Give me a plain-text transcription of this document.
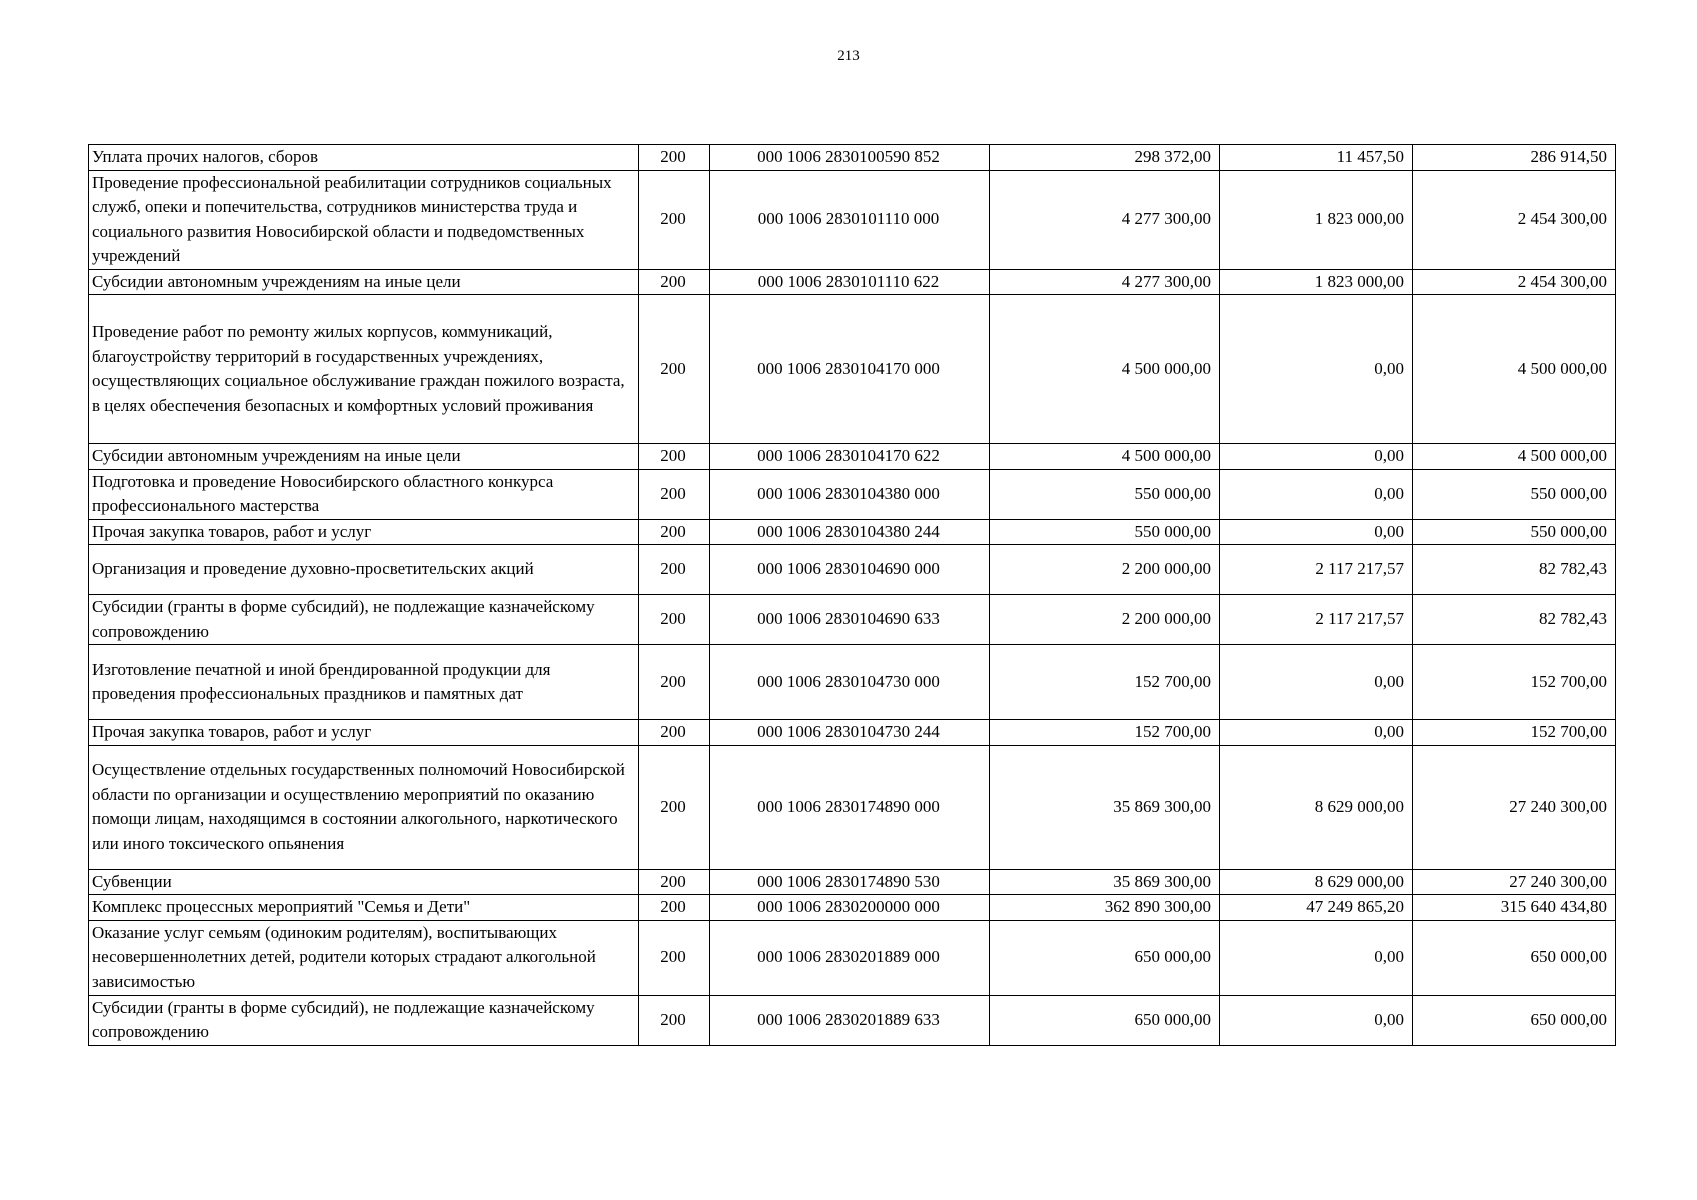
213
Уплата прочих налогов, сборов	200	000 1006 2830100590 852	298 372,00	11 457,50	286 914,50
Проведение профессиональной реабилитации сотрудников социальных служб, опеки и попечительства, сотрудников министерства труда и социального развития Новосибирской области и подведомственных учреждений	200	000 1006 2830101110 000	4 277 300,00	1 823 000,00	2 454 300,00
Субсидии автономным учреждениям на иные цели	200	000 1006 2830101110 622	4 277 300,00	1 823 000,00	2 454 300,00
Проведение работ по ремонту жилых корпусов, коммуникаций, благоустройству территорий в государственных учреждениях, осуществляющих социальное обслуживание граждан пожилого возраста, в целях обеспечения безопасных и комфортных условий проживания	200	000 1006 2830104170 000	4 500 000,00	0,00	4 500 000,00
Субсидии автономным учреждениям на иные цели	200	000 1006 2830104170 622	4 500 000,00	0,00	4 500 000,00
Подготовка и проведение Новосибирского областного конкурса профессионального мастерства	200	000 1006 2830104380 000	550 000,00	0,00	550 000,00
Прочая закупка товаров, работ и услуг	200	000 1006 2830104380 244	550 000,00	0,00	550 000,00
Организация и проведение духовно-просветительских акций	200	000 1006 2830104690 000	2 200 000,00	2 117 217,57	82 782,43
Субсидии (гранты в форме субсидий), не подлежащие казначейскому сопровождению	200	000 1006 2830104690 633	2 200 000,00	2 117 217,57	82 782,43
Изготовление печатной и иной брендированной продукции для проведения профессиональных праздников и памятных дат	200	000 1006 2830104730 000	152 700,00	0,00	152 700,00
Прочая закупка товаров, работ и услуг	200	000 1006 2830104730 244	152 700,00	0,00	152 700,00
Осуществление отдельных государственных полномочий Новосибирской области по организации и осуществлению мероприятий по оказанию помощи лицам, находящимся в состоянии алкогольного, наркотического или иного токсического опьянения	200	000 1006 2830174890 000	35 869 300,00	8 629 000,00	27 240 300,00
Субвенции	200	000 1006 2830174890 530	35 869 300,00	8 629 000,00	27 240 300,00
Комплекс процессных мероприятий "Семья и Дети"	200	000 1006 2830200000 000	362 890 300,00	47 249 865,20	315 640 434,80
Оказание услуг семьям (одиноким родителям), воспитывающих несовершеннолетних детей, родители которых страдают алкогольной зависимостью	200	000 1006 2830201889 000	650 000,00	0,00	650 000,00
Субсидии (гранты в форме субсидий), не подлежащие казначейскому сопровождению	200	000 1006 2830201889 633	650 000,00	0,00	650 000,00
